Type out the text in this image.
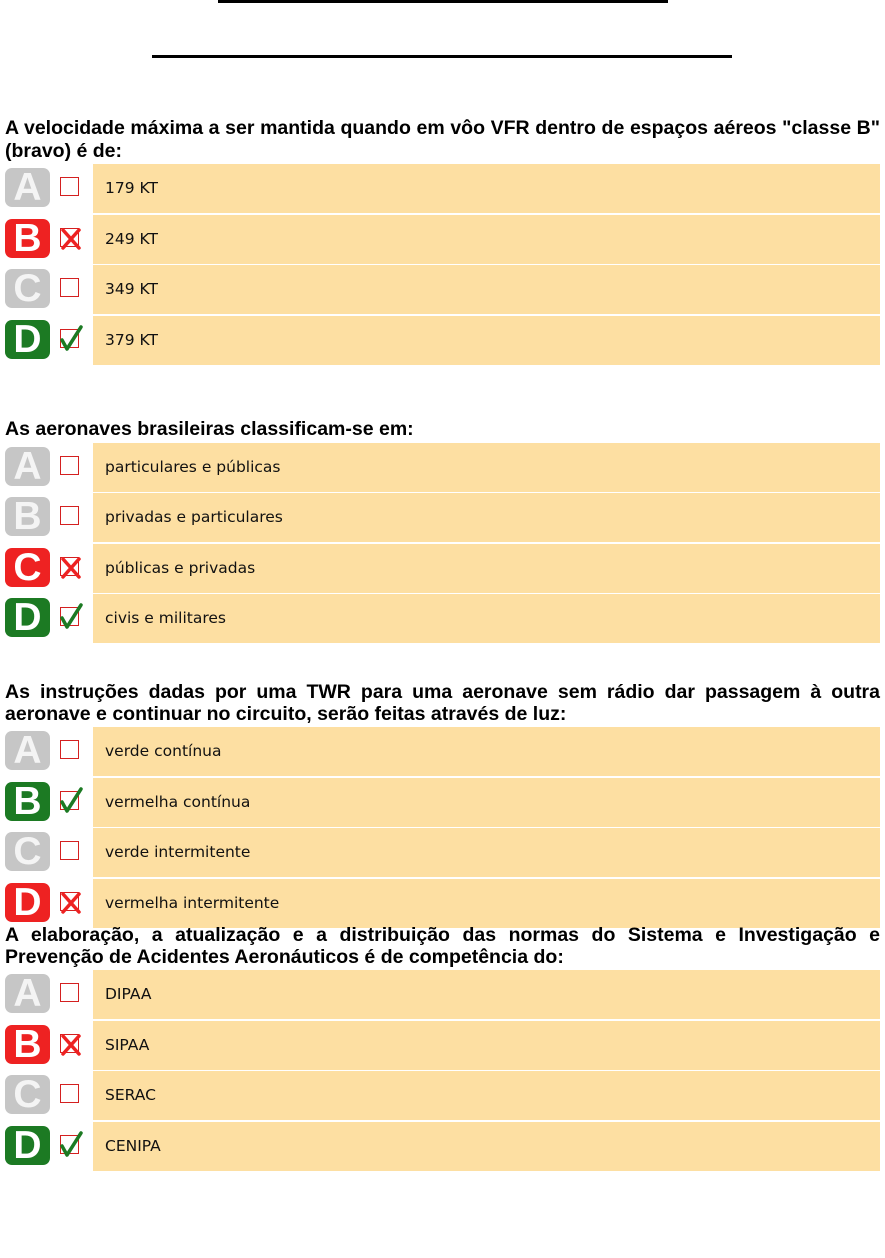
A velocidade máxima a ser mantida quando em vôo VFR dentro de espaços aéreos "classe B" (bravo) é de:

A	179 KT
B	249 KT
C	349 KT
D	379 KT

As aeronaves brasileiras classificam-se em:

A	particulares e públicas
B	privadas e particulares
C	públicas e privadas
D	civis e militares

As instruções dadas por uma TWR para uma aeronave sem rádio dar passagem à outra aeronave e continuar no circuito, serão feitas através de luz:

A	verde contínua
B	vermelha contínua
C	verde intermitente
D	vermelha intermitente

A elaboração, a atualização e a distribuição das normas do Sistema e Investigação e Prevenção de Acidentes Aeronáuticos é de competência do:

A	DIPAA
B	SIPAA
C	SERAC
D	CENIPA
